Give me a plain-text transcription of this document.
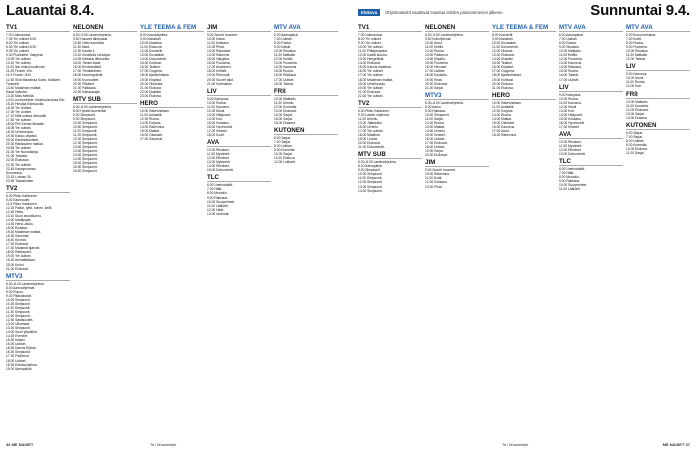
Lauantai 8.4.
TV1
7.00 Uutisvuoksi.
7.05 Yle uutiset 8.00.
8.00 Yle uutiset.
8.05 Yle uutiset 8.30.
9.05 Yle uutiset.
9.30 Puoliuteet. Valppeat.
10.05 Yle uutiset.
10.10 Yle uutiset.
11.00 Ilon eloksi kuullenne.
11.25 Frozen 10h.
11.5 Frozen 11th.
12.40 Sinä Maailmaa Kolmi. Kaikkien Tuomarit.
13.40 Maailman matkat.
Kausi Valvolat.
14.20 Miss Merkila.
14.5 Luonnontiede: Mustiuonuoissa Kilv.
15.20 Hirviöjä Edesvuoila.
16.30 Yle Uutiset.
17.00 Yle Uutiset.
17.10 Mitä soittaa vihtoralle.
17.50 Yle uutiset.
18.00 Piiri Kerran Ahtaalle.
18.05 Yle uutiset.
18.30 Urheiluruutu.
19.30 Kauko-ohjattut.
20.00 Karsintatuotteet.
20.30 Rakkauden matkat.
20.55 Yle uutiset.
21.00 Yle Nurotutkirja.
21.05 Tosiasia.
22.00 Elokuvan.
22.30 Yle uutiset.
22.45 Kausiprosessi.
Suomessa.
23.15 Lohnan 30.
23.55 Tosiasioiden.
TV2
6.30 Pikku Kakkonen.
9.00 Kaunuudet.
11.5 Pikku Kakkonen.
12.15 Palkin, tyttö, toinen, keilit.
12.45 Hettu.
13.10 Suuri seurakunnu.
14.00 Maatipajat.
14.30 Hersi-Jauko.
15.00 Kisassa.
15.40 Maailman matkat.
16.30 Sanomat.
16.40 Kunnat.
17.30 Elokuvat.
17.40 Maalmat ajanoin.
18.00 Rakkaudet.
19.00 Yle uutiset.
19.20 Ammattilaiset.
20.00 Kuhni.
21.00 Elokuvat.
MTV3
6.30–8.00 Lastenohjelmia.
8.00 Aamuohjelmat.
9.00 Ruusu.
9.30 Pääkokuiset.
10.00 Simpsonit.
10.30 Simpsonit.
11.00 Simpsonit.
11.30 Simpsonit.
12.00 Simpsonit.
12.30 Salaisuudet.
13.00 Ulkomaat.
13.30 Simpsonit.
14.00 Suuri ylävaltiot.
14.45 Eveneet.
15.30 Isolasi.
16.00 Uutiset.
16.05 Kaunis Elämä.
16.30 Simpsonit.
17.30 Palkinnot.
18.00 Uutiset.
18.30 Erikoisohjelma.
19.00 Aamupäivä.
NELONEN
6.00–9.50 Lastenohjelmia.
9.50 Huuotet tähtiosaat.
10.50 Hetki tuomioita.
11.30 Maut.
12.30 Kautta 4.
13.10 Kestävää Lenkkyia.
14.05 Katsaus lähikuntia.
15.20 Tiedon Asiat.
16.00 Ensimmäisiä.
17.00 Ylimääräinen.
18.00 Huomiopäivät.
19.00 Kuurouteet.
20.30 Pitkäset.
21.00 Palkkaus.
22.00 Katsausajat.
MTV SUB
6.00–8.00 Lastenohjelmia.
8.00 Hyvää huomenta!
9.00 Simpsonit.
9.30 Simpsonit.
10.00 Simpsonit.
10.30 Simpsonit.
11.00 Simpsonit.
11.30 Simpsonit.
12.00 Simpsonit.
12.30 Simpsonit.
13.00 Simpsonit.
13.30 Simpsonit.
14.00 Simpsonit.
14.30 Simpsonit.
15.00 Simpsonit.
15.30 Simpsonit.
16.00 Simpsonit.
YLE TEEMA & FEM
8.00 Kausiohjelma.
9.00 Klassiset.
10.00 Maailma.
11.00 Elokuvat.
12.00 Konsertit.
13.00 Kuvataide.
14.00 Dokumentit.
15.00 Kulttuuri.
16.00 Teatteri.
17.00 Ooppera.
18.00 Ajankohtaisia.
19.00 Kirjastot.
20.00 Historiaa.
21.00 Elokuva.
22.00 Musiikki.
23.00 Elokuva.
HERO
10.00 Rakennetaan.
11.00 Autotallit.
12.00 Ruoka.
13.00 Korjaus.
14.00 Rakennus.
15.00 Matkat.
16.00 Ostokset.
17.00 Kauneus.
JIM
9.00 Suuret huoneet.
10.00 Kakut.
11.00 Kokkaus.
12.00 Pihat.
13.00 Rautaiset.
14.00 Rakenne.
15.00 Hajujeka.
16.00 Puutarha.
17.00 Asuminen.
18.00 Keittiöt.
19.00 Remontit.
20.00 Suuret talot.
21.00 Kotimaiset.
LIV
9.00 Kampaus.
10.00 Ruoka.
11.00 Kauneus.
12.00 Muoti.
13.00 Hääpuvut.
14.00 Koti.
15.00 Kokkaus.
16.00 Hyvinvointi.
17.00 Ihmiset.
18.00 Kodit.
AVA
10.00 Rikokset.
11.00 Mysteerit.
12.00 Rikokset.
13.00 Mysteerit.
14.00 Rikokset.
15.00 Dokumentit.
TLC
6.00 Unelmahäät.
7.00 Häät.
8.00 Muotoilu.
9.00 Rakkaus.
10.00 Suurperheet.
11.00 Lääkärit.
12.00 Häät.
13.00 Unelmat.
MTV AVA
6.00 Aamupäivä.
7.00 Uutiset.
8.00 Ruoka.
9.00 Kaikki.
10.00 Sisustus.
11.00 Matkailu.
12.00 Keittiö.
13.00 Puutarha.
14.00 Kauneus.
15.00 Ruoka.
16.00 Rakkaus.
17.00 Uutiset.
18.00 Tarinat.
FRII
10.00 Matkailu.
11.00 Urheilu.
12.00 Komedia.
13.00 Elokuvat.
14.00 Sarjat.
15.00 Sarjat.
16.00 Draama.
KUTONEN
6.00 Sarjat.
7.00 Sarjat.
8.00 Uutiset.
9.00 Komedia.
10.00 Sarjat.
11.00 Elokuva.
12.00 Lukkarit.
36 ME NAISET	Ts / Ilmaveislet
Elokuva	Ohjelmatiedot saattavat muuttua lehden painoonmenon jälkeen.	Sunnuntai 9.4.
TV1
7.00 Uutisvuoksi.
8.00 Yle uutiset.
9.00 Yle uutiset.
10.00 Yle uutiset.
11.00 Pitkäperjantai.
12.00 Kaikki kuuluu.
13.00 Hengellisiä.
14.00 Elokuvat.
15.00 Kaunis maailma.
16.00 Yle uutiset.
17.00 Yle uutiset.
18.00 Maailman matkat.
19.00 Urheiluruutu.
20.00 Yle uutiset.
21.00 Elokuvat.
22.00 Yle uutiset.
TV2
6.30 Pikku Kakkonen.
9.00 Lasten ohjelmat.
11.00 Urheilu.
13.00 Jääkiekko.
15.00 Urheilu.
17.00 Yle uutiset.
18.00 Maailma.
19.00 Luonto.
20.00 Elokuvat.
21.00 Dokumentti.
MTV SUB
6.00–8.00 Lastenohjelmia.
8.00 Aamupäivä.
9.00 Simpsonit.
10.00 Simpsonit.
11.00 Simpsonit.
12.00 Simpsonit.
13.00 Simpsonit.
14.00 Simpsonit.
NELONEN
6.00–9.50 Lastenohjelmia.
9.50 Kotiohjelmat.
10.30 Autot.
11.00 Keittiö.
12.00 Ruoka.
13.00 Palkinnot.
14.00 Kilpailu.
15.00 Puutarha.
16.00 Hevoset.
17.00 Uutiset.
18.00 Kokkailu.
19.00 Kisat.
20.00 Elokuvat.
21.00 Sarjat.
MTV3
6.30–8.00 Lastenohjelmia.
8.00 Aamu.
9.00 Rakkaus.
10.00 Simpsonit.
11.00 Sarjat.
12.00 Ruoka.
13.00 Matkat.
14.00 Urheilu.
15.00 Ihmiset.
16.00 Uutiset.
17.00 Elokuvat.
18.00 Uutiset.
19.00 Sarjat.
20.00 Elokuvat.
JIM
9.00 Suuret huoneet.
10.00 Rakennus.
11.00 Kodit.
12.00 Kokkaus.
13.00 Pihat.
YLE TEEMA & FEM
8.00 Konsertit.
9.00 Klassiset.
10.00 Kuvataide.
11.00 Dokumentti.
12.00 Historia.
13.00 Elokuvat.
14.00 Musiikki.
15.00 Teatteri.
16.00 Kirjastot.
17.00 Ooppera.
18.00 Ajankohtaiset.
19.00 Kulttuuri.
20.00 Elokuva.
21.00 Elokuva.
HERO
10.00 Rakennetaan.
11.00 Autotallit.
12.00 Korjaus.
13.00 Ruoka.
14.00 Matkat.
15.00 Ostokset.
16.00 Kauneus.
17.00 Autot.
18.00 Rakennus.
MTV AVA
6.00 Aamupäivä.
7.00 Uutiset.
8.00 Ruoka.
9.00 Sisustus.
10.00 Matkailu.
11.00 Keittiö.
12.00 Puutarha.
13.00 Kauneus.
14.00 Rakkaus.
15.00 Ruoka.
16.00 Tarinat.
17.00 Uutiset.
LIV
9.00 Kampaus.
10.00 Ruoka.
11.00 Kauneus.
12.00 Muoti.
13.00 Koti.
14.00 Hääpuvut.
15.00 Kokkaus.
16.00 Hyvinvointi.
17.00 Ihmiset.
AVA
10.00 Rikokset.
11.00 Mysteerit.
12.00 Rikokset.
13.00 Dokumentit.
TLC
6.00 Unelmahäät.
7.00 Häät.
8.00 Muotoilu.
9.00 Rakkaus.
10.00 Suurperheet.
11.00 Lääkärit.
MTV AVA
6.00 Kuusi mestaria.
7.00 Kodit.
8.00 Ruoka.
9.00 Puutarha.
10.00 Sisustus.
11.00 Matkailu.
12.00 Tarinat.
LIV
9.00 Kauneus.
10.00 Muoti.
11.00 Ruoka.
12.00 Koti.
FRII
10.00 Matkailu.
11.00 Komedia.
12.00 Elokuvat.
13.00 Sarjat.
14.00 Draama.
KUTONEN
6.00 Sarjat.
7.00 Sarjat.
8.00 Uutiset.
9.00 Komedia.
10.00 Elokuva.
11.00 Sarjat.
Ts / Ilmaveislet	ME NAISET 37
